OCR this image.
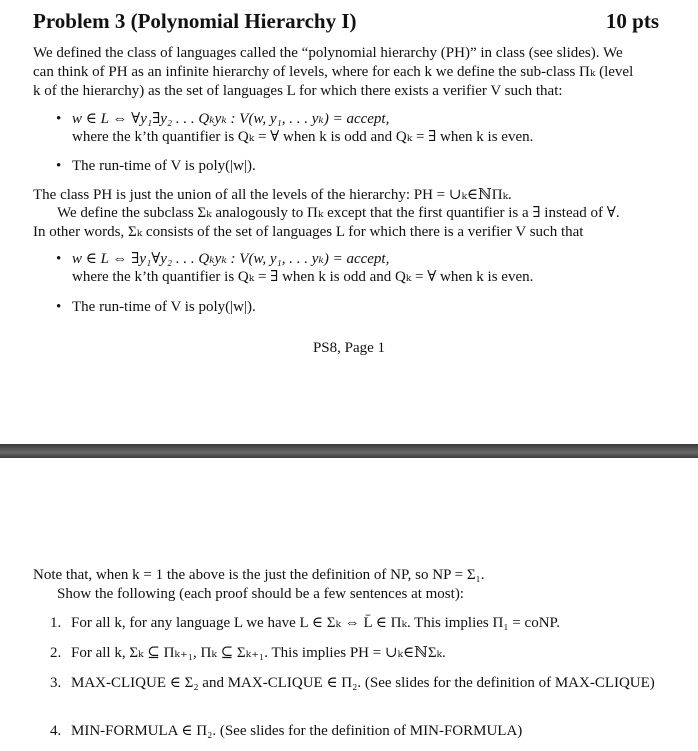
Problem 3 (Polynomial Hierarchy I)	10 pts
We defined the class of languages called the “polynomial hierarchy (PH)” in class (see slides). We
can think of PH as an infinite hierarchy of levels, where for each k we define the sub-class Πₖ (level
k of the hierarchy) as the set of languages L for which there exists a verifier V such that:
• w ∈ L ⇔ ∀y₁∃y₂ . . . Qₖyₖ : V(w, y₁, . . . yₖ) = accept,
where the k’th quantifier is Qₖ = ∀ when k is odd and Qₖ = ∃ when k is even.
• The run-time of V is poly(|w|).
The class PH is just the union of all the levels of the hierarchy: PH = ∪ₖ∈ℕΠₖ.
We define the subclass Σₖ analogously to Πₖ except that the first quantifier is a ∃ instead of ∀.
In other words, Σₖ consists of the set of languages L for which there is a verifier V such that
• w ∈ L ⇔ ∃y₁∀y₂ . . . Qₖyₖ : V(w, y₁, . . . yₖ) = accept,
where the k’th quantifier is Qₖ = ∃ when k is odd and Qₖ = ∀ when k is even.
• The run-time of V is poly(|w|).
PS8, Page 1
Note that, when k = 1 the above is the just the definition of NP, so NP = Σ₁.
Show the following (each proof should be a few sentences at most):
1. For all k, for any language L we have L ∈ Σₖ ⇔ L̄ ∈ Πₖ. This implies Π₁ = coNP.
2. For all k, Σₖ ⊆ Πₖ₊₁, Πₖ ⊆ Σₖ₊₁. This implies PH = ∪ₖ∈ℕΣₖ.
3. MAX-CLIQUE ∈ Σ₂ and MAX-CLIQUE ∈ Π₂. (See slides for the definition of MAX-CLIQUE)
4. MIN-FORMULA ∈ Π₂. (See slides for the definition of MIN-FORMULA)
